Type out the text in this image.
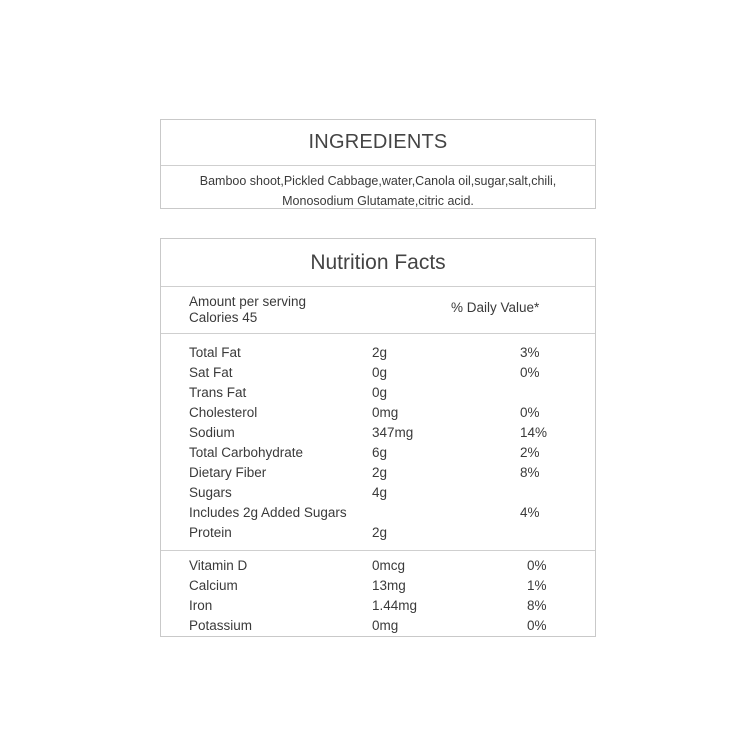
INGREDIENTS
Bamboo shoot,Pickled Cabbage,water,Canola oil,sugar,salt,chili,
Monosodium Glutamate,citric acid.
Nutrition Facts
Amount per serving
Calories 45
% Daily Value*
Total Fat	2g	3%
Sat Fat	0g	0%
Trans Fat	0g
Cholesterol	0mg	0%
Sodium	347mg	14%
Total Carbohydrate	6g	2%
Dietary Fiber	2g	8%
Sugars	4g
Includes 2g Added Sugars	4%
Protein	2g
Vitamin D	0mcg	0%
Calcium	13mg	1%
Iron	1.44mg	8%
Potassium	0mg	0%
